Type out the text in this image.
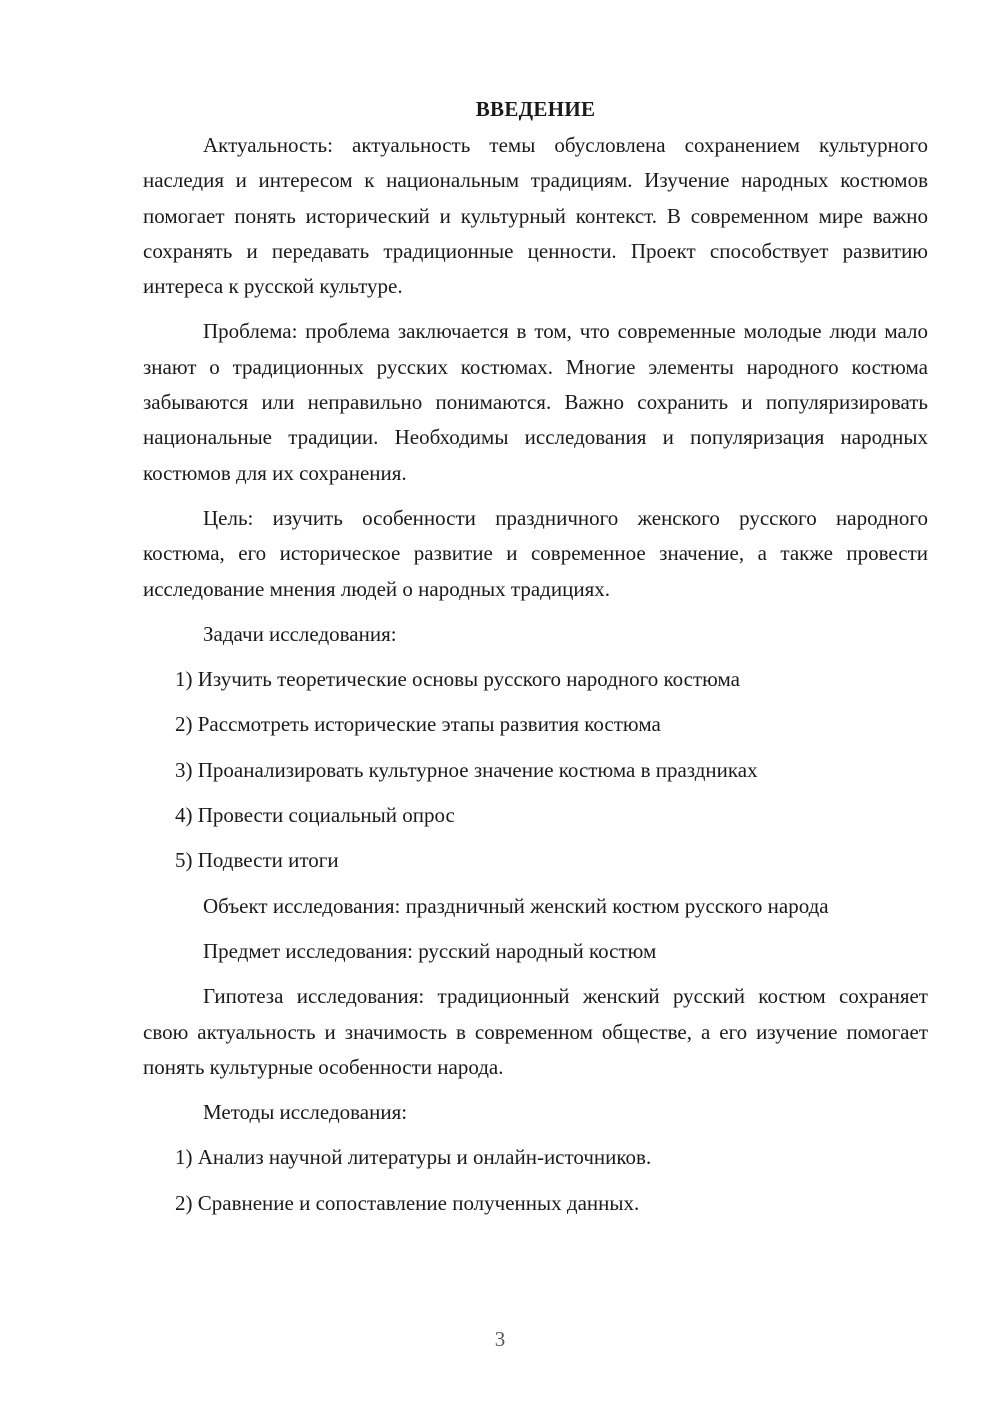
ВВЕДЕНИЕ

Актуальность: актуальность темы обусловлена сохранением культурного наследия и интересом к национальным традициям. Изучение народных костюмов помогает понять исторический и культурный контекст. В современном мире важно сохранять и передавать традиционные ценности. Проект способствует развитию интереса к русской культуре.

Проблема: проблема заключается в том, что современные молодые люди мало знают о традиционных русских костюмах. Многие элементы народного костюма забываются или неправильно понимаются. Важно сохранить и популяризировать национальные традиции. Необходимы исследования и популяризация народных костюмов для их сохранения.

Цель: изучить особенности праздничного женского русского народного костюма, его историческое развитие и современное значение, а также провести исследование мнения людей о народных традициях.

Задачи исследования:

1) Изучить теоретические основы русского народного костюма
2) Рассмотреть исторические этапы развития костюма
3) Проанализировать культурное значение костюма в праздниках
4) Провести социальный опрос
5) Подвести итоги

Объект исследования: праздничный женский костюм русского народа

Предмет исследования: русский народный костюм

Гипотеза исследования: традиционный женский русский костюм сохраняет свою актуальность и значимость в современном обществе, а его изучение помогает понять культурные особенности народа.

Методы исследования:

1) Анализ научной литературы и онлайн-источников.
2) Сравнение и сопоставление полученных данных.
3
